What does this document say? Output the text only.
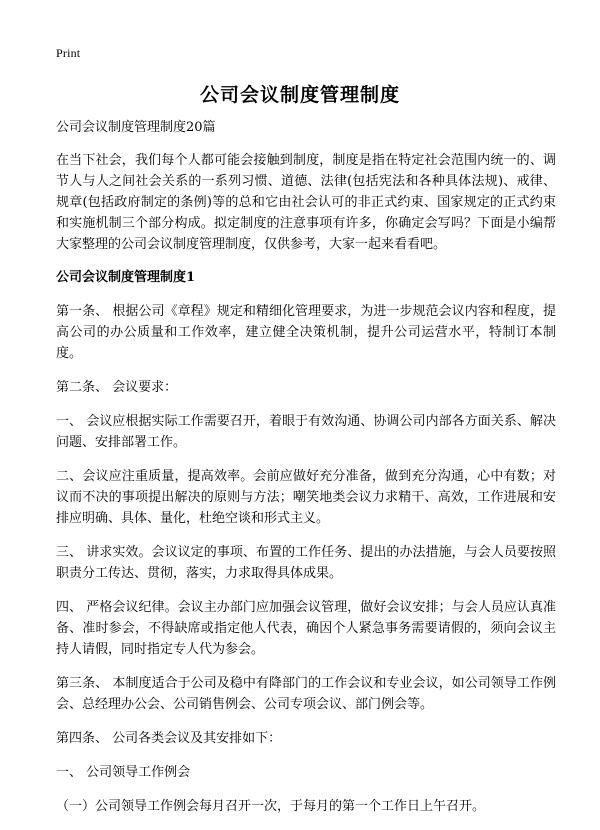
Print
公司会议制度管理制度

公司会议制度管理制度20篇

在当下社会，我们每个人都可能会接触到制度，制度是指在特定社会范围内统一的、调节人与人之间社会关系的一系列习惯、道德、法律(包括宪法和各种具体法规)、戒律、规章(包括政府制定的条例)等的总和它由社会认可的非正式约束、国家规定的正式约束和实施机制三个部分构成。拟定制度的注意事项有许多，你确定会写吗？下面是小编帮大家整理的公司会议制度管理制度，仅供参考，大家一起来看看吧。

公司会议制度管理制度1

第一条、 根据公司《章程》规定和精细化管理要求，为进一步规范会议内容和程度，提高公司的办公质量和工作效率，建立健全决策机制，提升公司运营水平，特制订本制度。

第二条、 会议要求：

一、 会议应根据实际工作需要召开，着眼于有效沟通、协调公司内部各方面关系、解决问题、安排部署工作。

二、会议应注重质量，提高效率。会前应做好充分准备，做到充分沟通，心中有数；对议而不决的事项提出解决的原则与方法；嘲笑地类会议力求精干、高效，工作进展和安排应明确、具体、量化，杜绝空谈和形式主义。

三、 讲求实效。会议议定的事项、布置的工作任务、提出的办法措施，与会人员要按照职责分工传达、贯彻，落实，力求取得具体成果。

四、 严格会议纪律。会议主办部门应加强会议管理，做好会议安排；与会人员应认真准备、准时参会，不得缺席或指定他人代表，确因个人紧急事务需要请假的，须向会议主持人请假，同时指定专人代为参会。

第三条、 本制度适合于公司及稳中有降部门的工作会议和专业会议，如公司领导工作例会、总经理办公会、公司销售例会、公司专项会议、部门例会等。

第四条、 公司各类会议及其安排如下：

一、 公司领导工作例会

（一）公司领导工作例会每月召开一次，于每月的第一个工作日上午召开。
